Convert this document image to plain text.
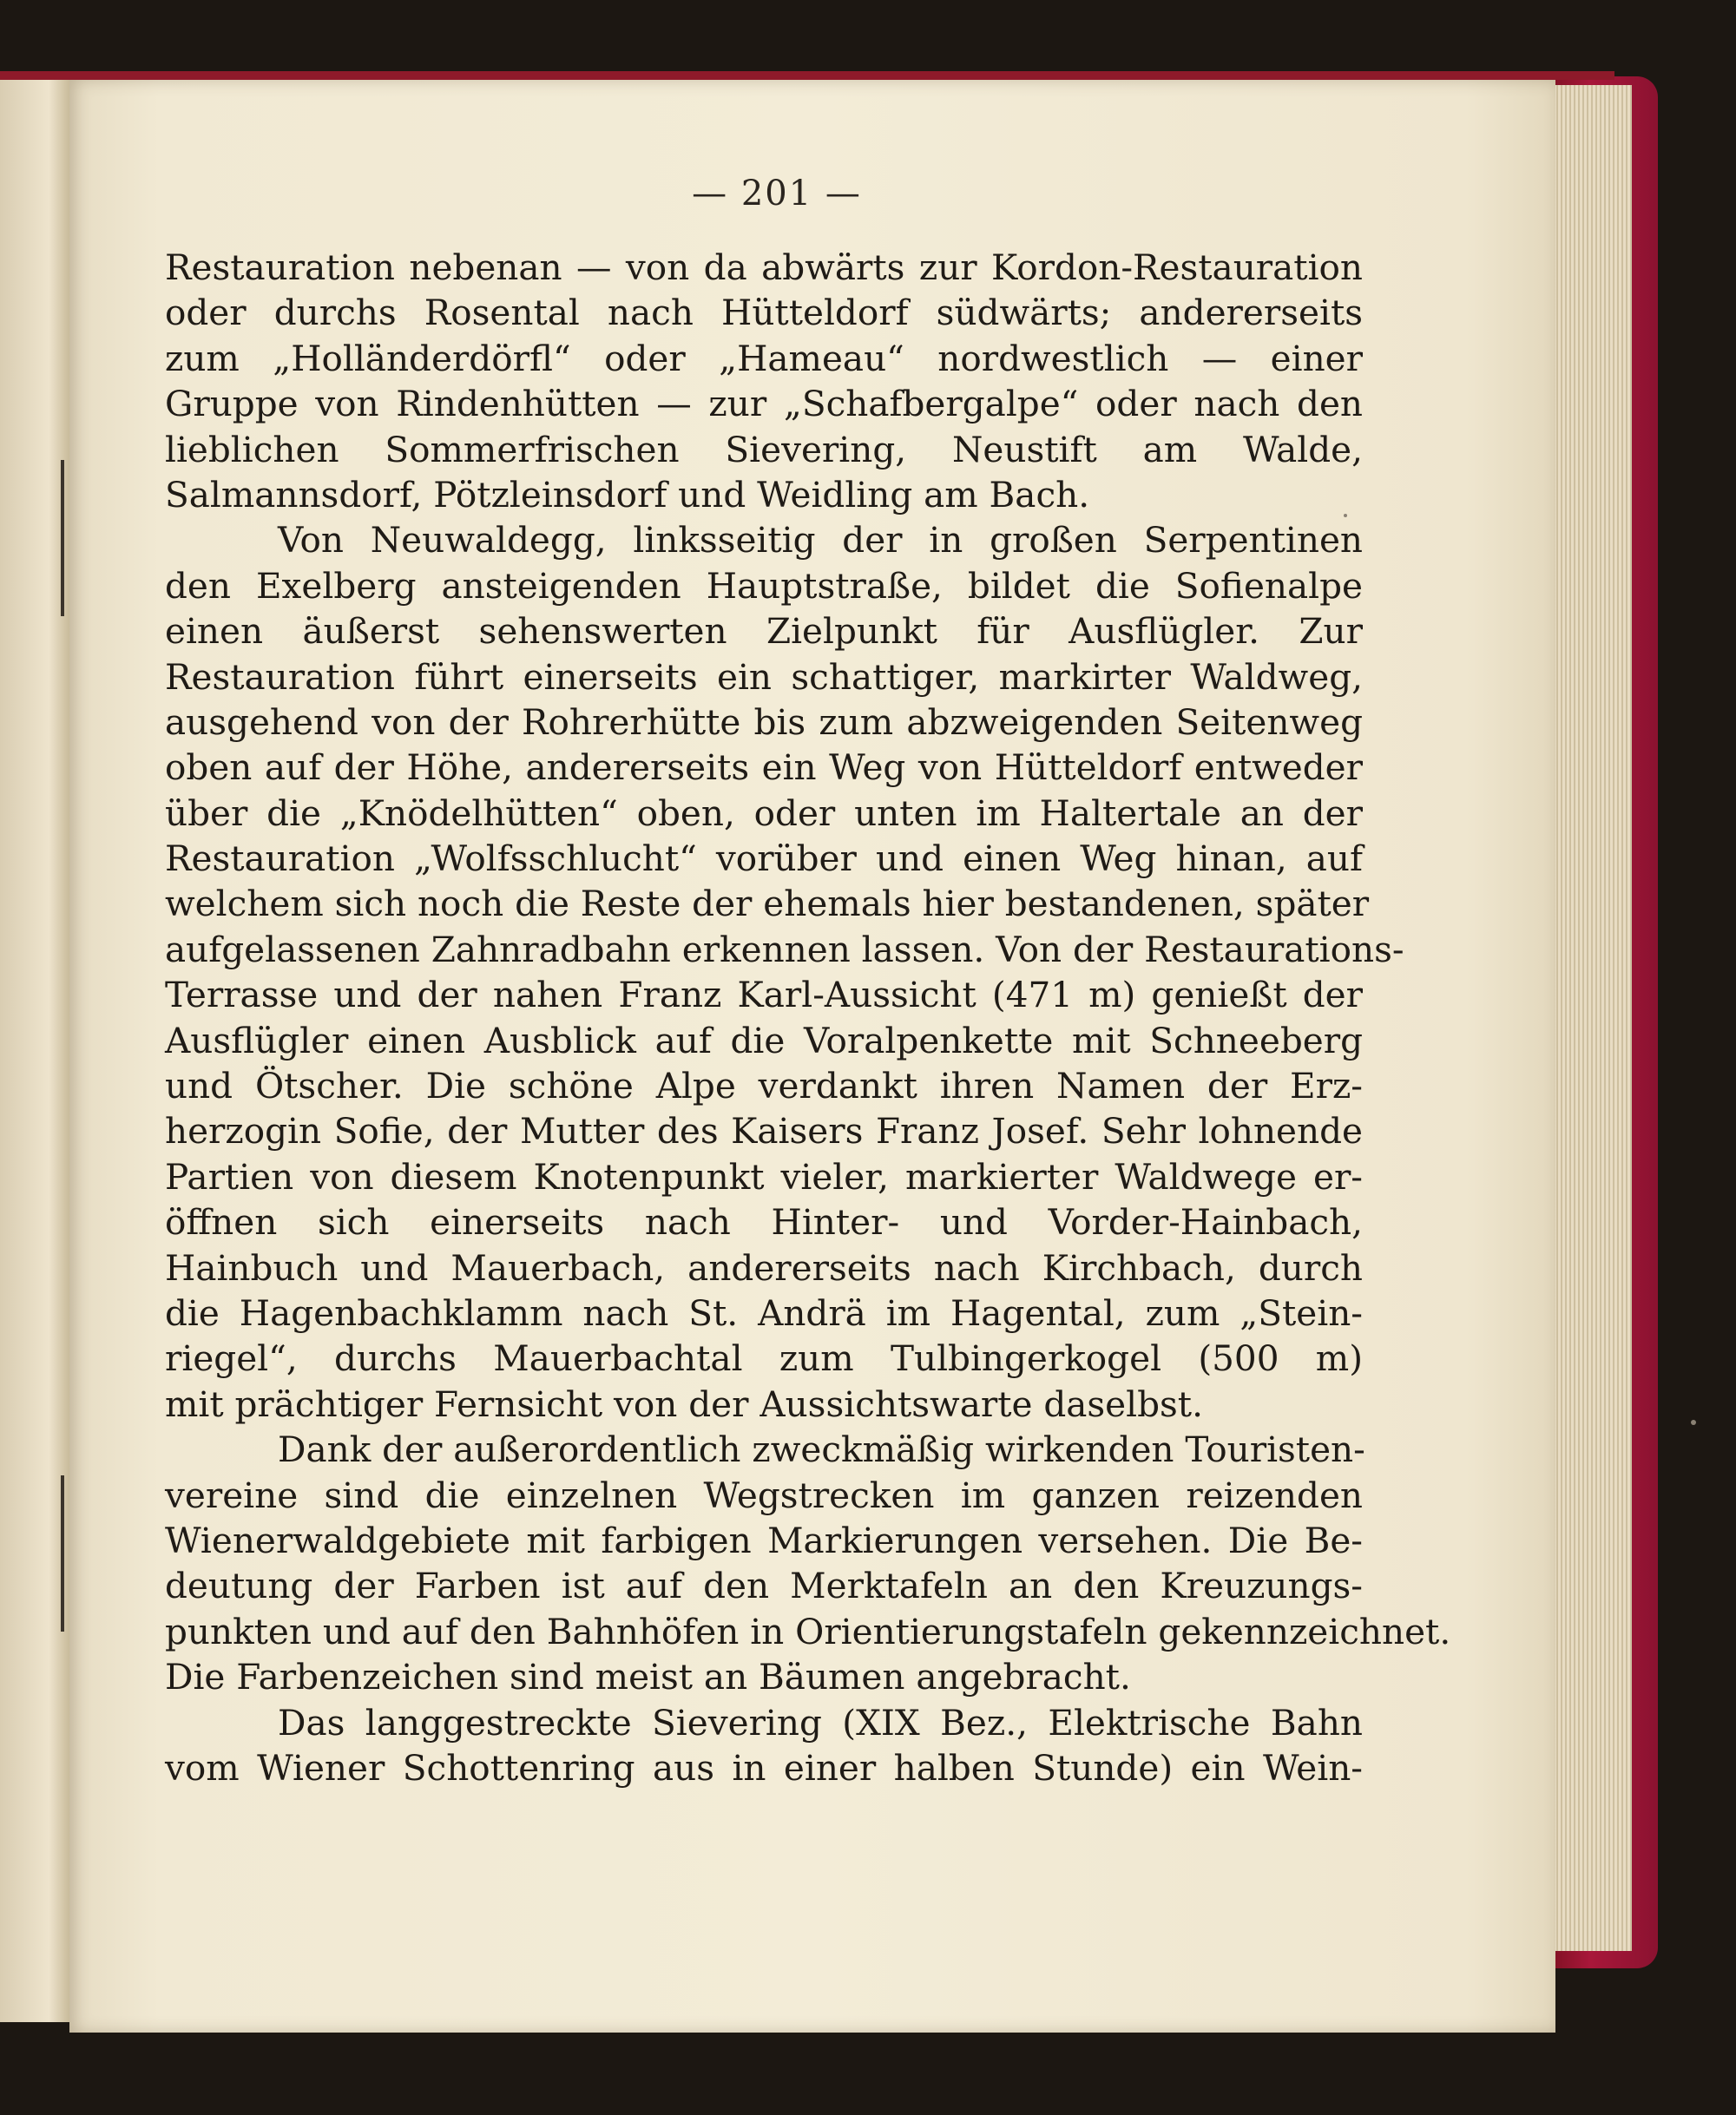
— 201 —
Restauration nebenan — von da abwärts zur Kordon-Restauration
oder durchs Rosental nach Hütteldorf südwärts; andererseits
zum „Holländerdörfl“ oder „Hameau“ nordwestlich — einer
Gruppe von Rindenhütten — zur „Schafbergalpe“ oder nach den
lieblichen Sommerfrischen Sievering, Neustift am Walde,
Salmannsdorf, Pötzleinsdorf und Weidling am Bach.
Von Neuwaldegg, linksseitig der in großen Serpentinen
den Exelberg ansteigenden Hauptstraße, bildet die Sofienalpe
einen äußerst sehenswerten Zielpunkt für Ausflügler. Zur
Restauration führt einerseits ein schattiger, markirter Waldweg,
ausgehend von der Rohrerhütte bis zum abzweigenden Seitenweg
oben auf der Höhe, andererseits ein Weg von Hütteldorf entweder
über die „Knödelhütten“ oben, oder unten im Haltertale an der
Restauration „Wolfsschlucht“ vorüber und einen Weg hinan, auf
welchem sich noch die Reste der ehemals hier bestandenen, später
aufgelassenen Zahnradbahn erkennen lassen. Von der Restaurations-
Terrasse und der nahen Franz Karl-Aussicht (471 m) genießt der
Ausflügler einen Ausblick auf die Voralpenkette mit Schneeberg
und Ötscher. Die schöne Alpe verdankt ihren Namen der Erz-
herzogin Sofie, der Mutter des Kaisers Franz Josef. Sehr lohnende
Partien von diesem Knotenpunkt vieler, markierter Waldwege er-
öffnen sich einerseits nach Hinter- und Vorder-Hainbach,
Hainbuch und Mauerbach, andererseits nach Kirchbach, durch
die Hagenbachklamm nach St. Andrä im Hagental, zum „Stein-
riegel“, durchs Mauerbachtal zum Tulbingerkogel (500 m)
mit prächtiger Fernsicht von der Aussichtswarte daselbst.
Dank der außerordentlich zweckmäßig wirkenden Touristen-
vereine sind die einzelnen Wegstrecken im ganzen reizenden
Wienerwaldgebiete mit farbigen Markierungen versehen. Die Be-
deutung der Farben ist auf den Merktafeln an den Kreuzungs-
punkten und auf den Bahnhöfen in Orientierungstafeln gekennzeichnet.
Die Farbenzeichen sind meist an Bäumen angebracht.
Das langgestreckte Sievering (XIX Bez., Elektrische Bahn
vom Wiener Schottenring aus in einer halben Stunde) ein Wein-
